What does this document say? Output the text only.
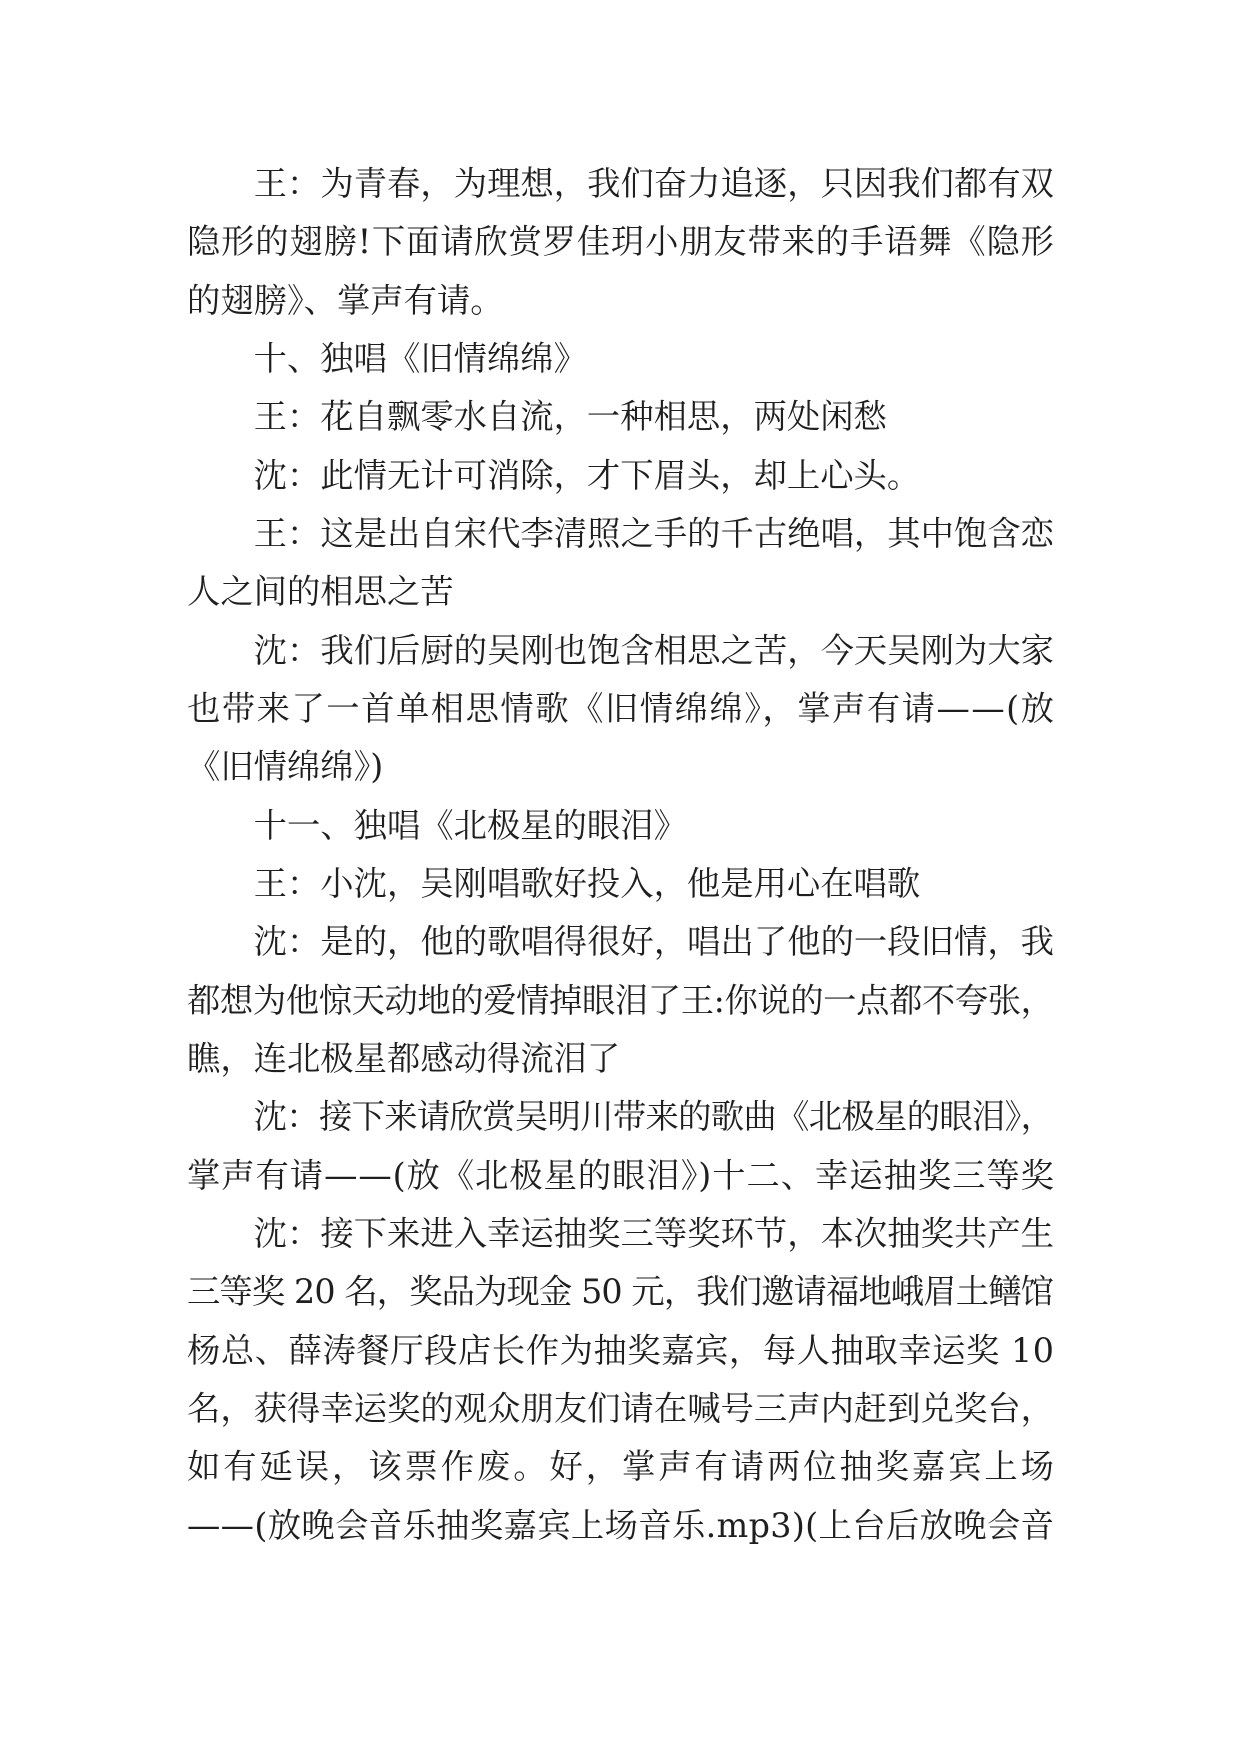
王：为青春，为理想，我们奋力追逐，只因我们都有双
隐形的翅膀!下面请欣赏罗佳玥小朋友带来的手语舞《隐形
的翅膀》、掌声有请。
十、独唱《旧情绵绵》
王：花自飘零水自流，一种相思，两处闲愁
沈：此情无计可消除，才下眉头，却上心头。
王：这是出自宋代李清照之手的千古绝唱，其中饱含恋
人之间的相思之苦
沈：我们后厨的吴刚也饱含相思之苦，今天吴刚为大家
也带来了一首单相思情歌《旧情绵绵》，掌声有请——(放
《旧情绵绵》)
十一、独唱《北极星的眼泪》
王：小沈，吴刚唱歌好投入，他是用心在唱歌
沈：是的，他的歌唱得很好，唱出了他的一段旧情，我
都想为他惊天动地的爱情掉眼泪了王:你说的一点都不夸张，
瞧，连北极星都感动得流泪了
沈：接下来请欣赏吴明川带来的歌曲《北极星的眼泪》，
掌声有请——(放《北极星的眼泪》)十二、幸运抽奖三等奖
沈：接下来进入幸运抽奖三等奖环节，本次抽奖共产生
三等奖 20 名，奖品为现金 50 元，我们邀请福地峨眉土鳝馆
杨总、薛涛餐厅段店长作为抽奖嘉宾，每人抽取幸运奖 10
名，获得幸运奖的观众朋友们请在喊号三声内赶到兑奖台，
如有延误，该票作废。好，掌声有请两位抽奖嘉宾上场
——(放晚会音乐抽奖嘉宾上场音乐.mp3)(上台后放晚会音
